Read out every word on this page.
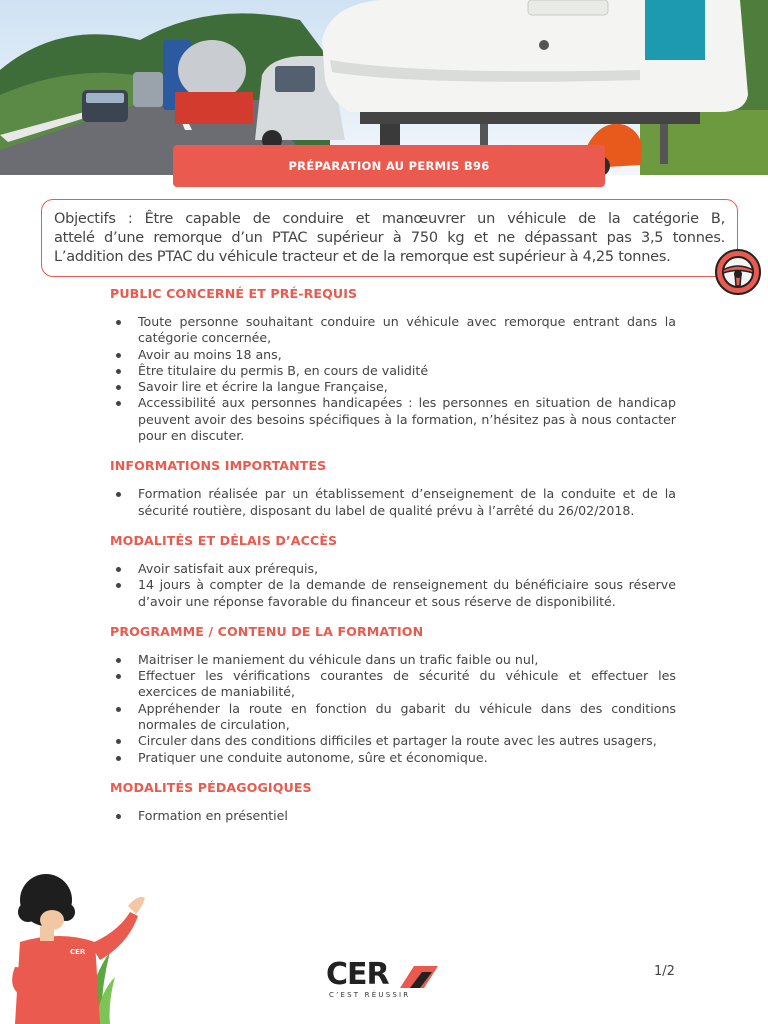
PRÉPARATION AU PERMIS B96

Objectifs : Être capable de conduire et manœuvrer un véhicule de la catégorie B,

attelé d’une remorque d’un PTAC supérieur à 750 kg et ne dépassant pas 3,5 tonnes.

L’addition des PTAC du véhicule tracteur et de la remorque est supérieur à 4,25 tonnes.

PUBLIC CONCERNÉ ET PRÉ-REQUIS
Toute personne souhaitant conduire un véhicule avec remorque entrant dans la catégorie concernée,
Avoir au moins 18 ans,
Être titulaire du permis B, en cours de validité
Savoir lire et écrire la langue Française,
Accessibilité aux personnes handicapées : les personnes en situation de handicap peuvent avoir des besoins spécifiques à la formation, n’hésitez pas à nous contacter pour en discuter.
INFORMATIONS IMPORTANTES
Formation réalisée par un établissement d’enseignement de la conduite et de la sécurité routière, disposant du label de qualité prévu à l’arrêté du 26/02/2018.
MODALITÉS ET DÉLAIS D’ACCÈS
Avoir satisfait aux prérequis,
14 jours à compter de la demande de renseignement du bénéficiaire sous réserve d’avoir une réponse favorable du financeur et sous réserve de disponibilité.
PROGRAMME / CONTENU DE LA FORMATION
Maitriser le maniement du véhicule dans un trafic faible ou nul,
Effectuer les vérifications courantes de sécurité du véhicule et effectuer les exercices de maniabilité,
Appréhender la route en fonction du gabarit du véhicule dans des conditions normales de circulation,
Circuler dans des conditions difficiles et partager la route avec les autres usagers,
Pratiquer une conduite autonome, sûre et économique.
MODALITÉS PÉDAGOGIQUES
Formation en présentiel
CER
CER
C’EST RÉUSSIR
1/2
